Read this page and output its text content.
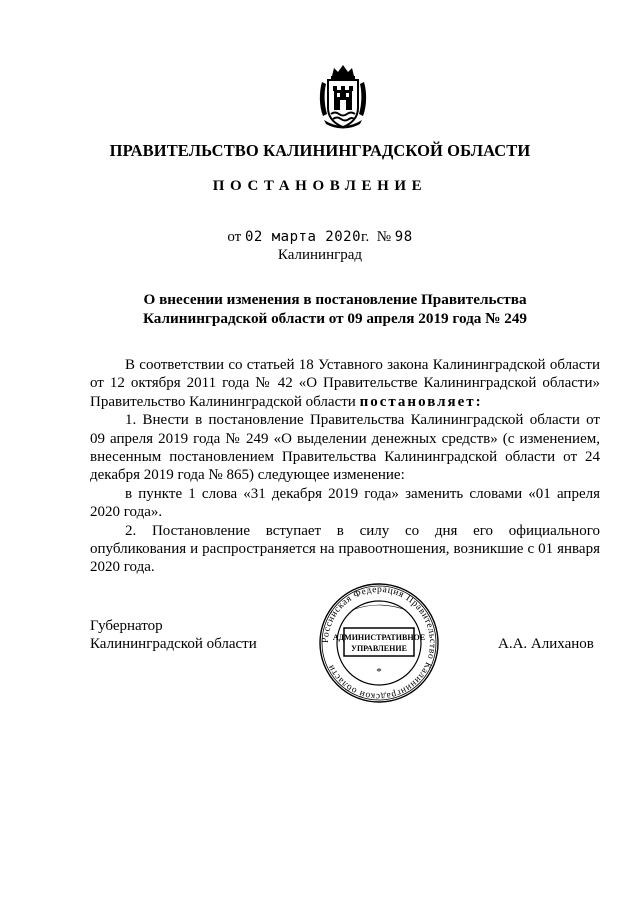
ПРАВИТЕЛЬСТВО КАЛИНИНГРАДСКОЙ ОБЛАСТИ
ПОСТАНОВЛЕНИЕ
от 02 марта 2020г. № 98
Калининград
О внесении изменения в постановление Правительства
Калининградской области от 09 апреля 2019 года № 249

В соответствии со статьей 18 Уставного закона Калининградской области от 12 октября 2011 года № 42 «О Правительстве Калининградской области» Правительство Калининградской области постановляет:

1. Внести в постановление Правительства Калининградской области от 09 апреля 2019 года № 249 «О выделении денежных средств» (с изменением, внесенным постановлением Правительства Калининградской области от 24 декабря 2019 года № 865) следующее изменение:

в пункте 1 слова «31 декабря 2019 года» заменить словами «01 апреля 2020 года».

2. Постановление вступает в силу со дня его официального опубликования и распространяется на правоотношения, возникшие с 01 января 2020 года.

Губернатор
Калининградской области	А.А. Алиханов
Российская Федерация Правительство Калининградской области
АДМИНИСТРАТИВНОЕ
УПРАВЛЕНИЕ
*
